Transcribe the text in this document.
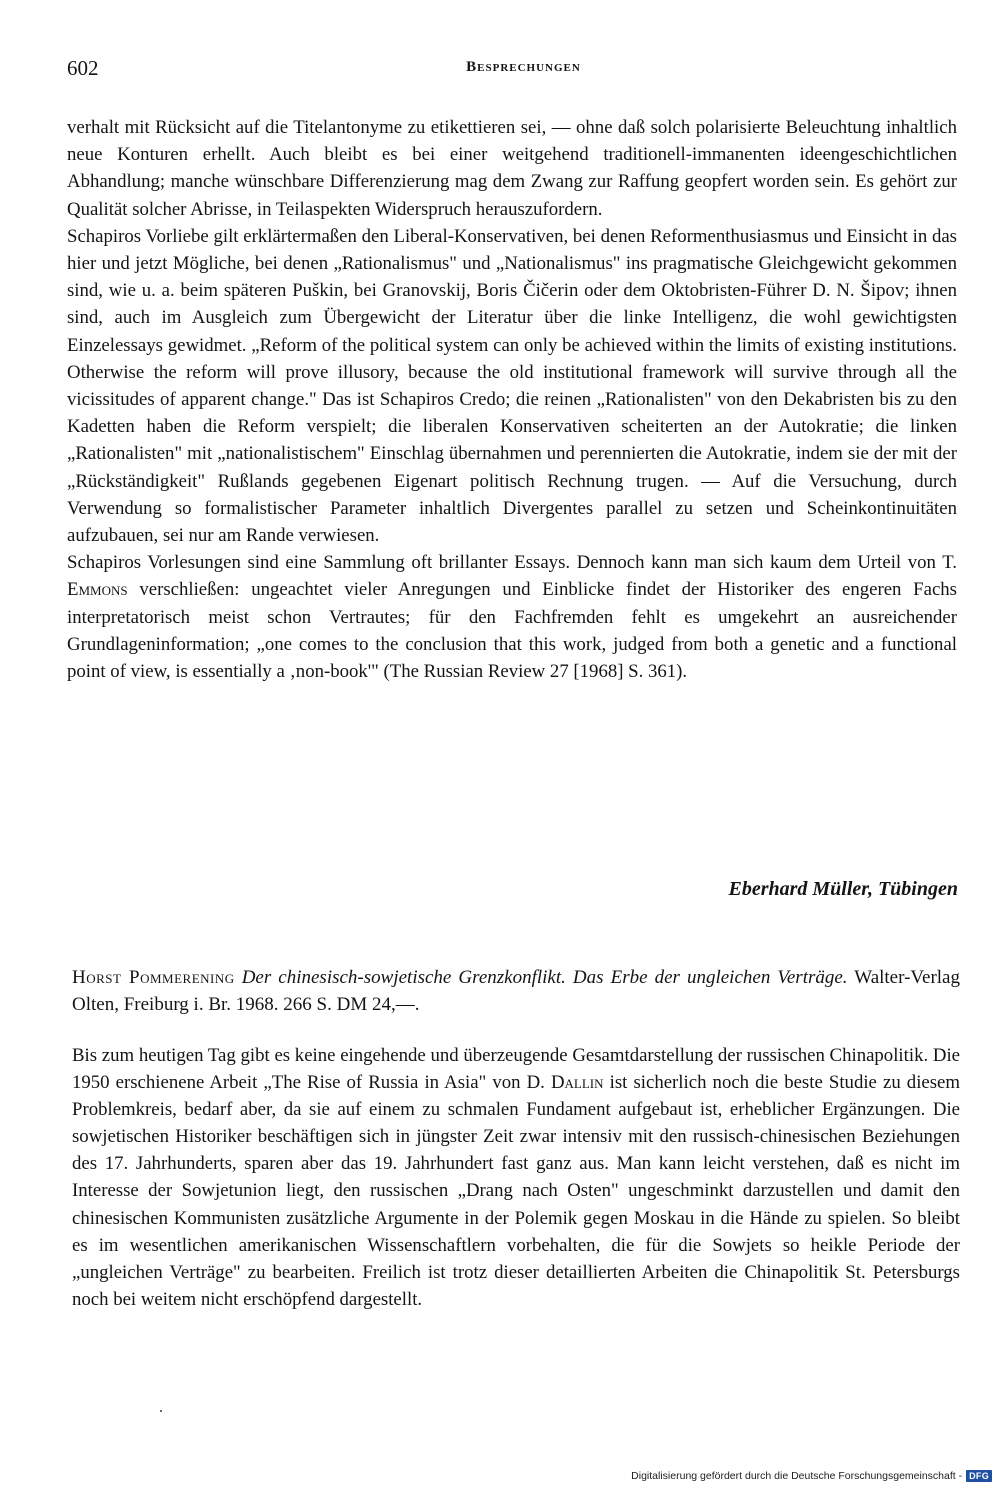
602	Besprechungen

verhalt mit Rücksicht auf die Titelantonyme zu etikettieren sei, — ohne daß solch polarisierte Beleuchtung inhaltlich neue Konturen erhellt. Auch bleibt es bei einer weitgehend traditionell-immanenten ideengeschichtlichen Abhandlung; manche wünschbare Differenzierung mag dem Zwang zur Raffung geopfert worden sein. Es gehört zur Qualität solcher Abrisse, in Teilaspekten Widerspruch herauszufordern.

Schapiros Vorliebe gilt erklärtermaßen den Liberal-Konservativen, bei denen Reformenthusiasmus und Einsicht in das hier und jetzt Mögliche, bei denen „Rationalismus" und „Nationalismus" ins pragmatische Gleichgewicht gekommen sind, wie u. a. beim späteren Puškin, bei Granovskij, Boris Čičerin oder dem Oktobristen-Führer D. N. Šipov; ihnen sind, auch im Ausgleich zum Übergewicht der Literatur über die linke Intelligenz, die wohl gewichtigsten Einzelessays gewidmet. „Reform of the political system can only be achieved within the limits of existing institutions. Otherwise the reform will prove illusory, because the old institutional framework will survive through all the vicissitudes of apparent change." Das ist Schapiros Credo; die reinen „Rationalisten" von den Dekabristen bis zu den Kadetten haben die Reform verspielt; die liberalen Konservativen scheiterten an der Autokratie; die linken „Rationalisten" mit „nationalistischem" Einschlag übernahmen und perennierten die Autokratie, indem sie der mit der „Rückständigkeit" Rußlands gegebenen Eigenart politisch Rechnung trugen. — Auf die Versuchung, durch Verwendung so formalistischer Parameter inhaltlich Divergentes parallel zu setzen und Scheinkontinuitäten aufzubauen, sei nur am Rande verwiesen.

Schapiros Vorlesungen sind eine Sammlung oft brillanter Essays. Dennoch kann man sich kaum dem Urteil von T. Emmons verschließen: ungeachtet vieler Anregungen und Einblicke findet der Historiker des engeren Fachs interpretatorisch meist schon Vertrautes; für den Fachfremden fehlt es umgekehrt an ausreichender Grundlageninformation; „one comes to the conclusion that this work, judged from both a genetic and a functional point of view, is essentially a ‚non-book'" (The Russian Review 27 [1968] S. 361).

Eberhard Müller, Tübingen
Horst Pommerening Der chinesisch-sowjetische Grenzkonflikt. Das Erbe der ungleichen Verträge. Walter-Verlag Olten, Freiburg i. Br. 1968. 266 S. DM 24,—.

Bis zum heutigen Tag gibt es keine eingehende und überzeugende Gesamtdarstellung der russischen Chinapolitik. Die 1950 erschienene Arbeit „The Rise of Russia in Asia" von D. Dallin ist sicherlich noch die beste Studie zu diesem Problemkreis, bedarf aber, da sie auf einem zu schmalen Fundament aufgebaut ist, erheblicher Ergänzungen. Die sowjetischen Historiker beschäftigen sich in jüngster Zeit zwar intensiv mit den russisch-chinesischen Beziehungen des 17. Jahrhunderts, sparen aber das 19. Jahrhundert fast ganz aus. Man kann leicht verstehen, daß es nicht im Interesse der Sowjetunion liegt, den russischen „Drang nach Osten" ungeschminkt darzustellen und damit den chinesischen Kommunisten zusätzliche Argumente in der Polemik gegen Moskau in die Hände zu spielen. So bleibt es im wesentlichen amerikanischen Wissenschaftlern vorbehalten, die für die Sowjets so heikle Periode der „ungleichen Verträge" zu bearbeiten. Freilich ist trotz dieser detaillierten Arbeiten die Chinapolitik St. Petersburgs noch bei weitem nicht erschöpfend dargestellt.

Digitalisierung gefördert durch die Deutsche Forschungsgemeinschaft - DFG
